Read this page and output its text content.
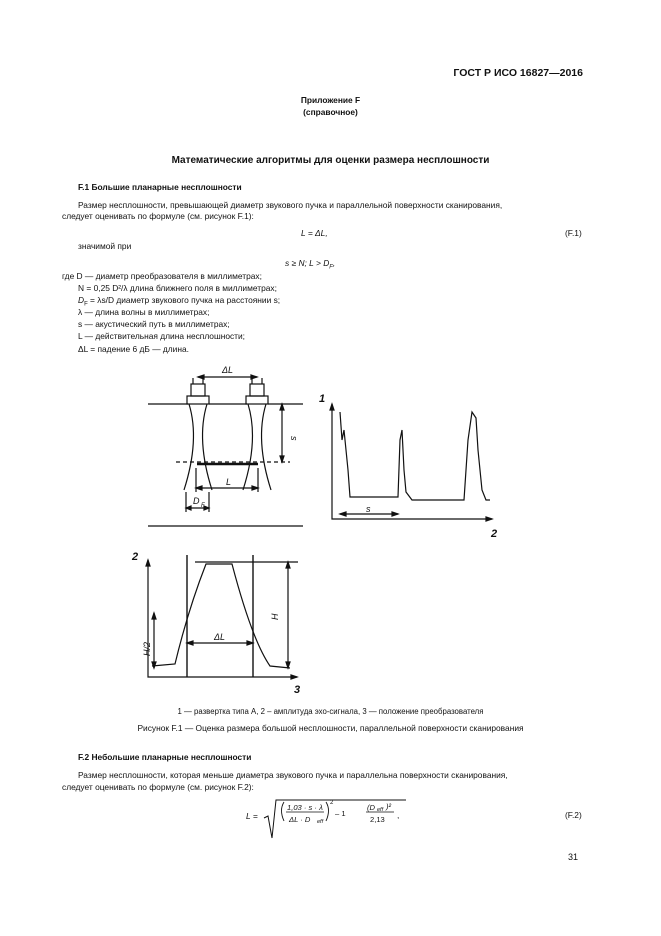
ГОСТ Р ИСО 16827—2016
Приложение F
(справочное)
Математические алгоритмы для оценки размера несплошности
F.1 Большие планарные несплошности
Размер несплошности, превышающей диаметр звукового пучка и параллельной поверхности сканирования,
следует оценивать по формуле (см. рисунок F.1):
L = ΔL,	(F.1)
значимой при
s ≥ N; $L > D_F$,
где D — диаметр преобразователя в миллиметрах;
N = 0,25 D²/λ длина ближнего поля в миллиметрах;
$D_F = \lambda s/D$ диаметр звукового пучка на расстоянии s;
λ — длина волны в миллиметрах;
s — акустический путь в миллиметрах;
L — действительная длина несплошности;
ΔL = падение 6 дБ — длина.
ΔL
s
L
D F
1
2
s
2
3
ΔL
H
H/2
1 — развертка типа A, 2 – амплитуда эхо-сигнала, 3 — положение преобразователя
Рисунок F.1 — Оценка размера большой несплошности, параллельной поверхности сканирования
F.2 Небольшие планарные несплошности
Размер несплошности, которая меньше диаметра звукового пучка и параллельна поверхности сканирования,
следует оценивать по формуле (см. рисунок F.2):
L =
1,03 · s · λ
ΔL · D eff
2
– 1
(D eff )²
2,13 ,	(F.2)
31
